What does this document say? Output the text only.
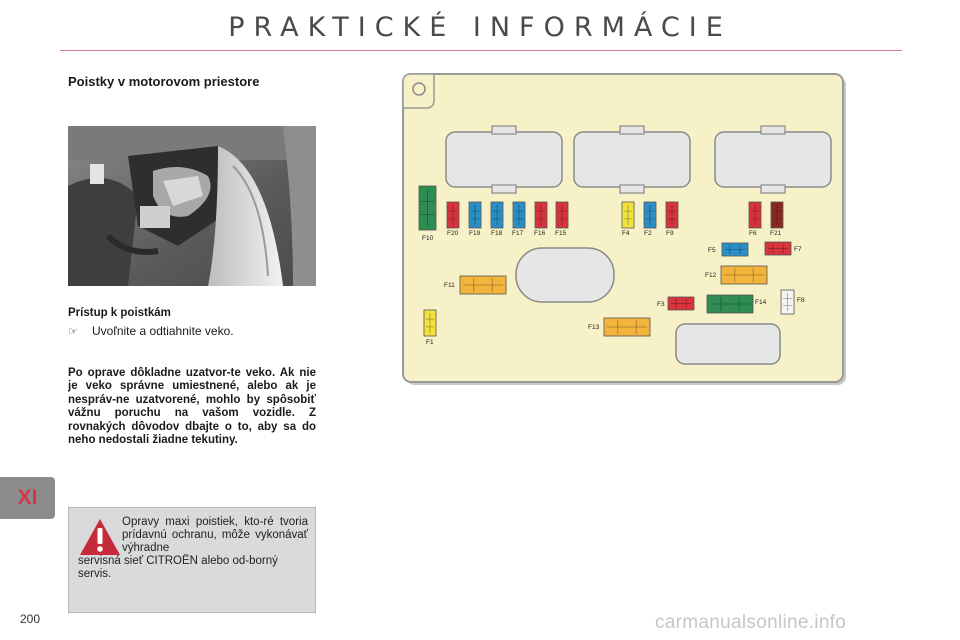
PRAKTICKÉ INFORMÁCIE
Poistky v motorovom priestore
Prístup k poistkám
☞	Uvoľnite a odtiahnite veko.
Po oprave dôkladne uzatvor-te veko. Ak nie je veko správne umiestnené, alebo ak je nespráv-ne uzatvorené, mohlo by spôsobiť vážnu poruchu na vašom vozidle. Z rovnakých dôvodov dbajte o to, aby sa do neho nedostali žiadne tekutiny.
XI
Opravy maxi poistiek, kto-ré tvoria prídavnú ochranu, môže vykonávať výhradne
servisná sieť CITROËN alebo od-borný servis.
200	carmanualsonline.info
F10
F20 F19 F18 F17 F16 F15	F4 F2 F9	F6 F21
F5	F7
F12
F11
F3	F14	F8
F13
F1
